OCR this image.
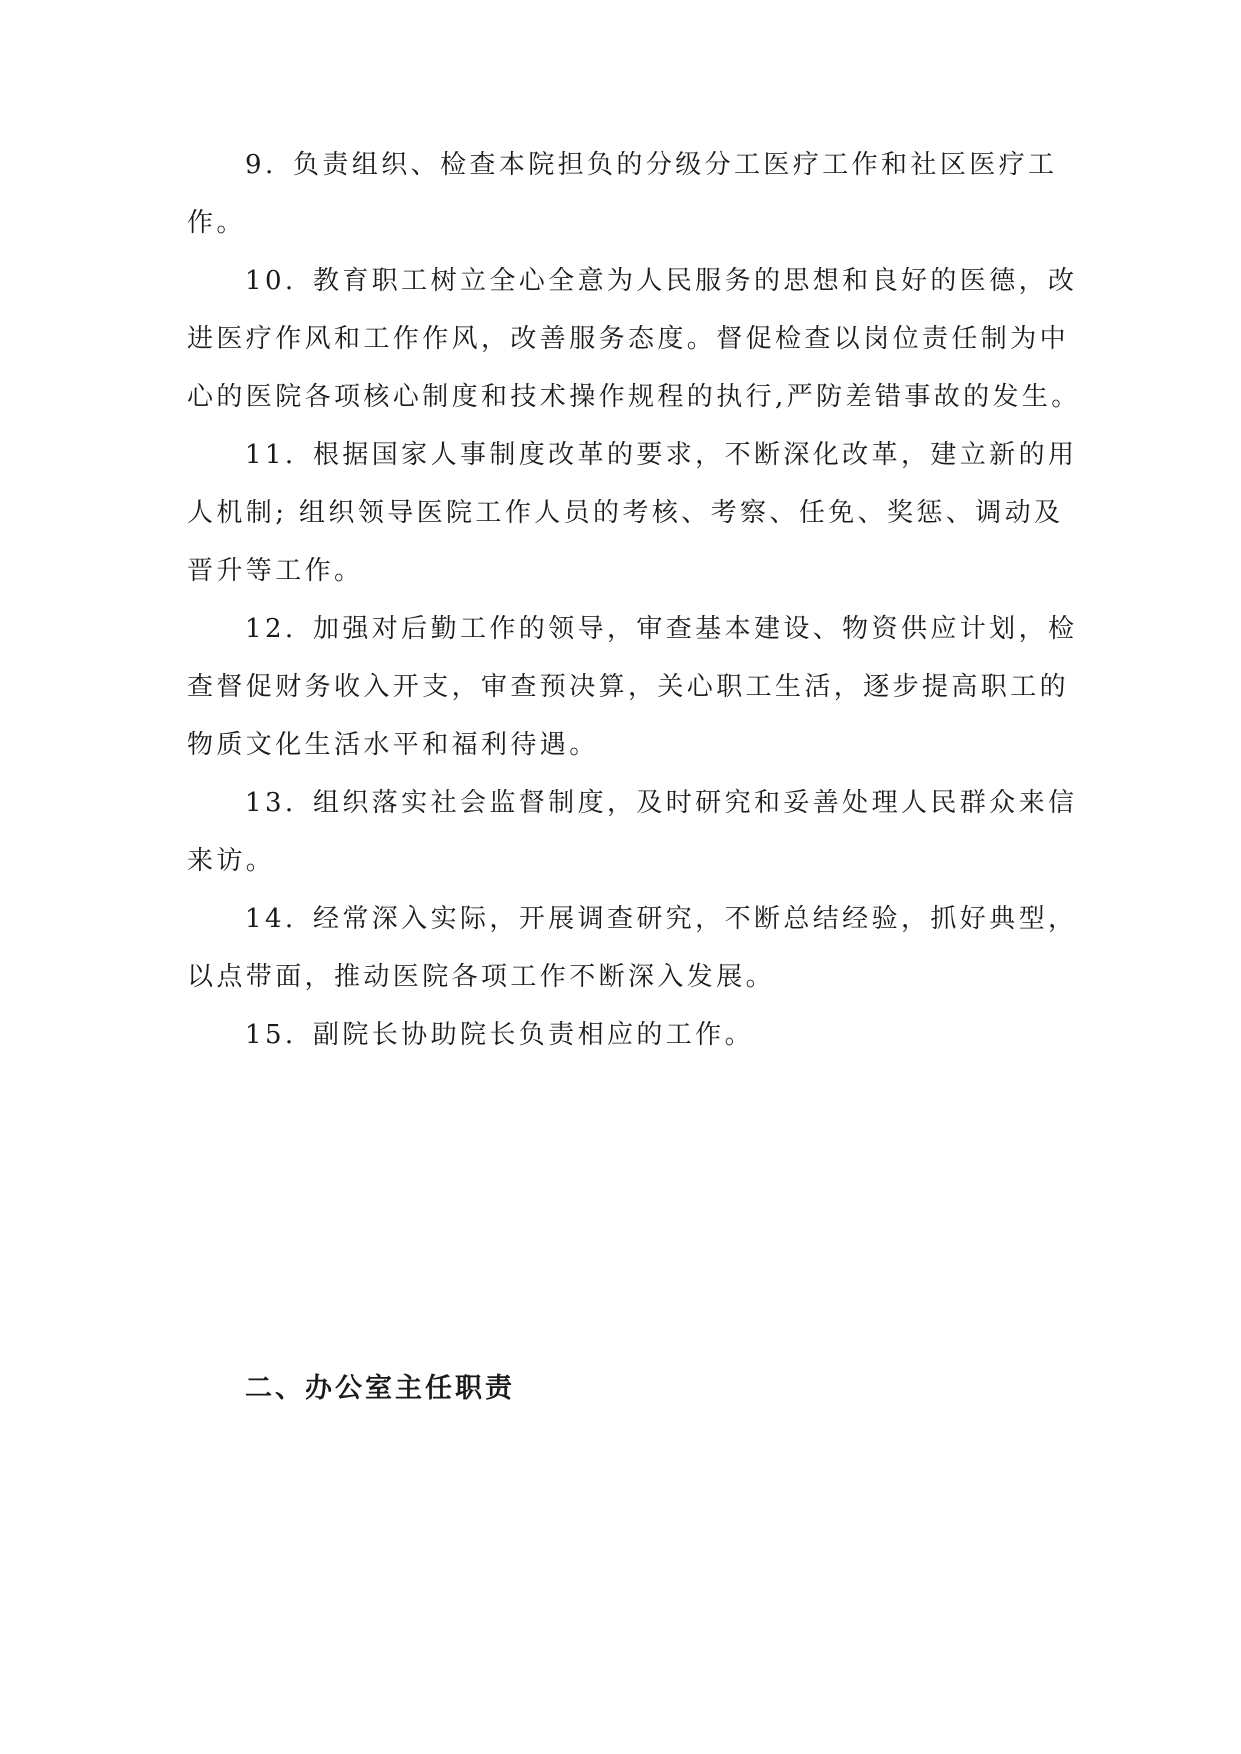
9.  负责组织、检查本院担负的分级分工医疗工作和社区医疗工
作。
10.  教育职工树立全心全意为人民服务的思想和良好的医德，改
进医疗作风和工作作风，改善服务态度。督促检查以岗位责任制为中
心的医院各项核心制度和技术操作规程的执行,严防差错事故的发生。
11.  根据国家人事制度改革的要求，不断深化改革，建立新的用
人机制; 组织领导医院工作人员的考核、考察、任免、奖惩、调动及
晋升等工作。
12.  加强对后勤工作的领导，审查基本建设、物资供应计划，检
查督促财务收入开支，审查预决算，关心职工生活，逐步提高职工的
物质文化生活水平和福利待遇。
13.  组织落实社会监督制度，及时研究和妥善处理人民群众来信
来访。
14.  经常深入实际，开展调查研究，不断总结经验，抓好典型，
以点带面，推动医院各项工作不断深入发展。
15.  副院长协助院长负责相应的工作。
二、办公室主任职责
